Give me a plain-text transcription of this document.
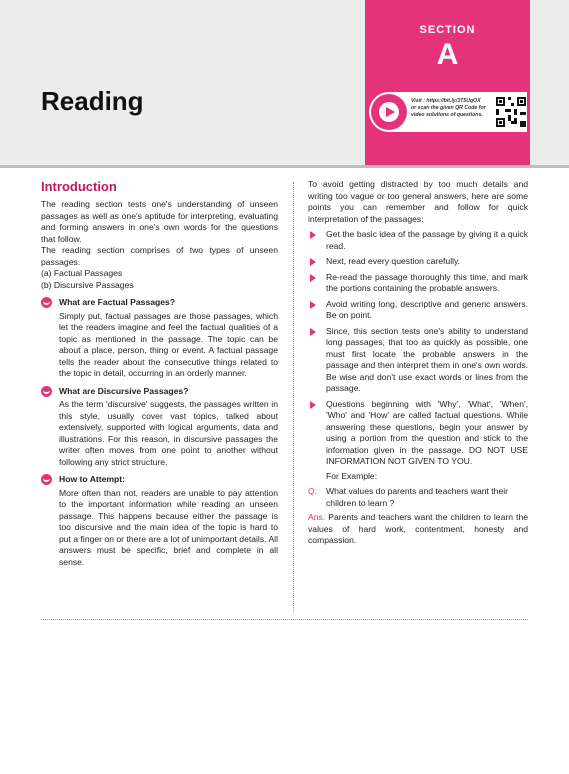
Reading
SECTION
A
Visit : https://bit.ly/3T5UqOX
or scan the given QR Code for
video solutions of questions.
Introduction

The reading section tests one's understanding of unseen passages as well as one's aptitude for interpreting, evaluating and forming answers in one's own words for the questions that follow.

The reading section comprises of two types of unseen passages.

(a) Factual Passages
(b) Discursive Passages
What are Factual Passages?

Simply put, factual passages are those passages, which let the readers imagine and feel the factual qualities of a topic as mentioned in the passage. The topic can be about a place, person, thing or event. A factual passage tells the reader about the consecutive things related to the topic in detail, occurring in an orderly manner.

What are Discursive Passages?

As the term 'discursive' suggests, the passages written in this style, usually cover vast topics, talked about extensively, supported with logical arguments, data and illustrations. For this reason, in discursive passages the writer often moves from one point to another without following any strict structure.

How to Attempt:

More often than not, readers are unable to pay attention to the important information while reading an unseen passage. This happens because either the passage is too discursive and the main idea of the topic is hard to put a finger on or there are a lot of unimportant details. All answers must be specific, brief and complete in all sense.

To avoid getting distracted by too much details and writing too vague or too general answers, here are some points you can remember and follow for quick interpretation of the passages:

Get the basic idea of the passage by giving it a quick read.
Next, read every question carefully.
Re-read the passage thoroughly this time, and mark the portions containing the probable answers.
Avoid writing long, descriptive and generic answers. Be on point.
Since, this section tests one's ability to understand long passages, that too as quickly as possible, one must first locate the probable answers in the passage and then interpret them in one's own words. Be wise and don't use exact words or lines from the passage.
Questions beginning with 'Why', 'What', 'When', 'Who' and 'How' are called factual questions. While answering these questions, begin your answer by using a portion from the question and stick to the information given in the passage. DO NOT USE INFORMATION NOT GIVEN TO YOU.
For Example:
Q. What values do parents and teachers want their children to learn ?

Ans. Parents and teachers want the children to learn the values of hard work, contentment, honesty and compassion.
